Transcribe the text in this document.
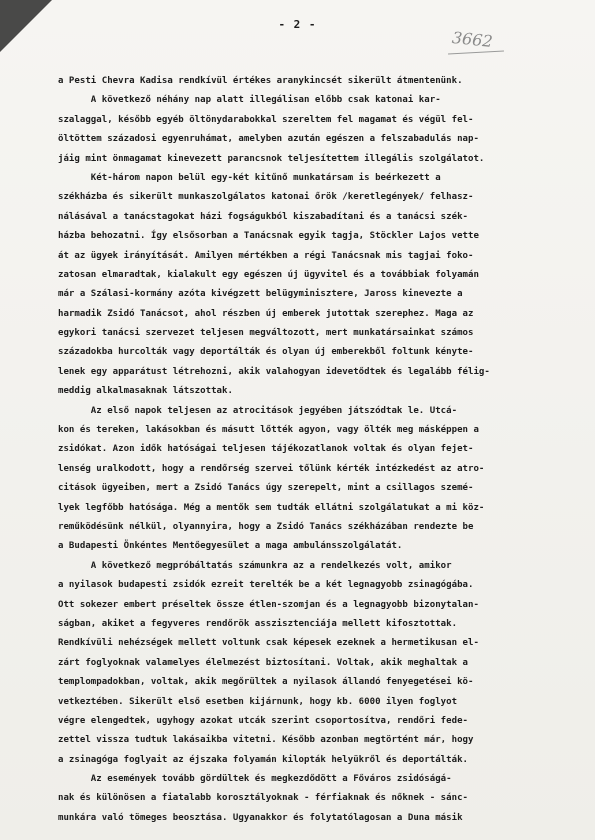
- 2 -
3662
a Pesti Chevra Kadisa rendkívül értékes aranykincsét sikerült átmentenünk.
A következő néhány nap alatt illegálisan előbb csak katonai kar-
szalaggal, később egyéb öltönydarabokkal szereltem fel magamat és végül fel-
öltöttem századosi egyenruhámat, amelyben azután egészen a felszabadulás nap-
jáig mint önmagamat kinevezett parancsnok teljesítettem illegális szolgálatot.
Két-három napon belül egy-két kitűnő munkatársam is beérkezett a
székházba és sikerült munkaszolgálatos katonai őrök /keretlegények/ felhasz-
nálásával a tanácstagokat házi fogságukból kiszabadítani és a tanácsi szék-
házba behozatni. Így elsősorban a Tanácsnak egyik tagja, Stöckler Lajos vette
át az ügyek irányítását. Amilyen mértékben a régi Tanácsnak mis tagjai foko-
zatosan elmaradtak, kialakult egy egészen új ügyvitel és a továbbiak folyamán
már a Szálasi-kormány azóta kivégzett belügyminisztere, Jaross kinevezte a
harmadik Zsidó Tanácsot, ahol részben új emberek jutottak szerephez. Maga az
egykori tanácsi szervezet teljesen megváltozott, mert munkatársainkat számos
századokba hurcolták vagy deportálták és olyan új emberekből foltunk kénytе-
lenek egy apparátust létrehozni, akik valahogyan idevetődtek és legalább félig-
meddig alkalmasaknak látszottak.
Az első napok teljesen az atrocitások jegyében játszódtak le. Utcá-
kon és tereken, lakásokban és másutt lőtték agyon, vagy ölték meg másképpen a
zsidókat. Azon idők hatóságai teljesen tájékozatlanok voltak és olyan fejet-
lenség uralkodott, hogy a rendőrség szervei tőlünk kérték intézkedést az atro-
citások ügyeiben, mert a Zsidó Tanács úgy szerepelt, mint a csillagos szemé-
lyek legfőbb hatósága. Még a mentők sem tudták ellátni szolgálatukat a mi köz-
reműködésünk nélkül, olyannyira, hogy a Zsidó Tanács székházában rendezte be
a Budapesti Önkéntes Mentőegyesület a maga ambulánsszolgálatát.
A következő megpróbáltatás számunkra az a rendelkezés volt, amikor
a nyilasok budapesti zsidók ezreit terelték be a két legnagyobb zsinagógába.
Ott sokezer embert préseltek össze étlen-szomjan és a legnagyobb bizonytalan-
ságban, akiket a fegyveres rendőrök asszisztenciája mellett kifosztottak.
Rendkívüli nehézségek mellett voltunk csak képesek ezeknek a hermetikusan el-
zárt foglyoknak valamelyes élelmezést biztosítani. Voltak, akik meghaltak a
templompadokban, voltak, akik megőrültek a nyilasok állandó fenyegetései kö-
vetkeztében. Sikerült első esetben kijárnunk, hogy kb. 6000 ilyen foglyot
végre elengedtek, ugyhogy azokat utcák szerint csoportosítva, rendőri fede-
zettel vissza tudtuk lakásaikba vitetni. Később azonban megtörtént már, hogy
a zsinagóga foglyait az éjszaka folyamán kilopták helyükről és deportálták.
Az események tovább gördültek és megkezdődött a Főváros zsidóságá-
nak és különösen a fiatalabb korosztályoknak - férfiaknak és nőknek - sánc-
munkára való tömeges beosztása. Ugyanakkor és folytatólagosan a Duna másik
